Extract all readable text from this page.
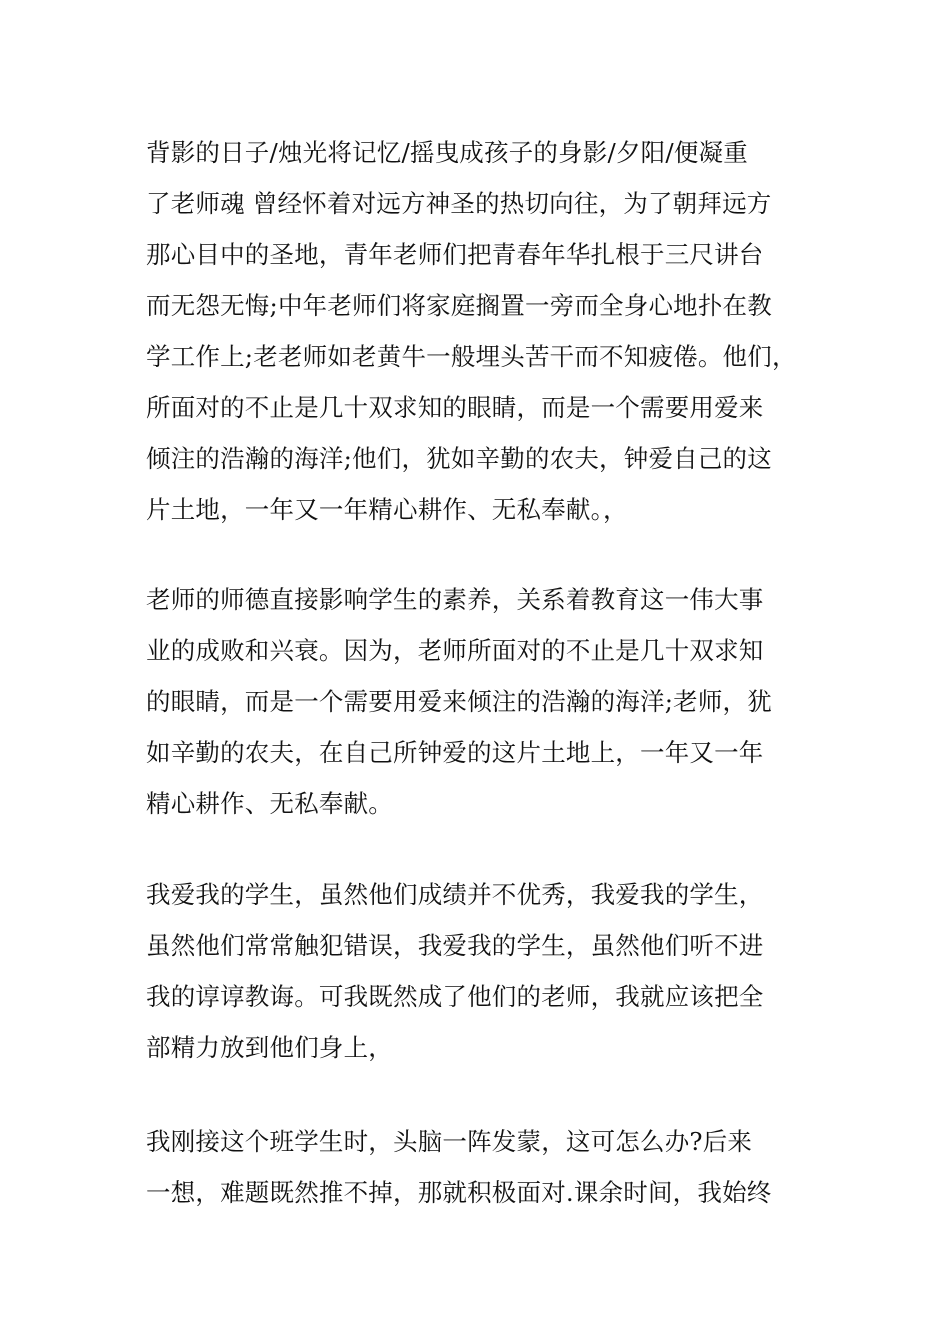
背影的日子/烛光将记忆/摇曳成孩子的身影/夕阳/便凝重
了老师魂 曾经怀着对远方神圣的热切向往，为了朝拜远方
那心目中的圣地，青年老师们把青春年华扎根于三尺讲台
而无怨无悔;中年老师们将家庭搁置一旁而全身心地扑在教
学工作上;老老师如老黄牛一般埋头苦干而不知疲倦。他们，
所面对的不止是几十双求知的眼睛，而是一个需要用爱来
倾注的浩瀚的海洋;他们，犹如辛勤的农夫，钟爱自己的这
片土地，一年又一年精心耕作、无私奉献。，
老师的师德直接影响学生的素养，关系着教育这一伟大事
业的成败和兴衰。因为，老师所面对的不止是几十双求知
的眼睛，而是一个需要用爱来倾注的浩瀚的海洋;老师，犹
如辛勤的农夫，在自己所钟爱的这片土地上，一年又一年
精心耕作、无私奉献。
我爱我的学生，虽然他们成绩并不优秀，我爱我的学生，
虽然他们常常触犯错误，我爱我的学生，虽然他们听不进
我的谆谆教诲。可我既然成了他们的老师，我就应该把全
部精力放到他们身上，
我刚接这个班学生时，头脑一阵发蒙，这可怎么办?后来
一想，难题既然推不掉，那就积极面对.课余时间，我始终
